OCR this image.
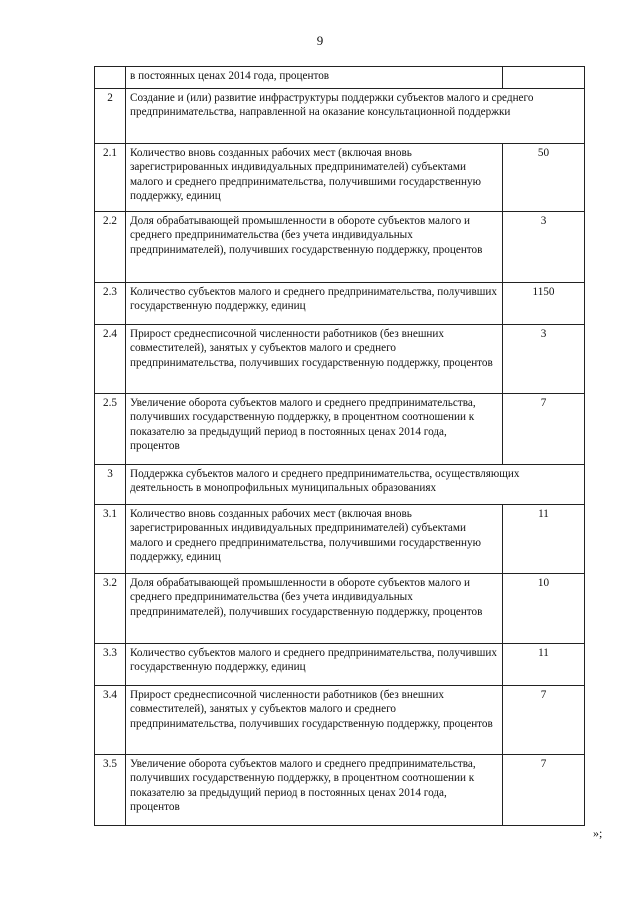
9
	в постоянных ценах 2014 года, процентов	
2	Создание и (или) развитие инфраструктуры поддержки субъектов малого и среднего предпринимательства, направленной на оказание консультационной поддержки	
2.1	Количество вновь созданных рабочих мест (включая вновь зарегистрированных индивидуальных предпринимателей) субъектами малого и среднего предпринимательства, получившими государственную поддержку, единиц	50
2.2	Доля обрабатывающей промышленности в обороте субъектов малого и среднего предпринимательства (без учета индивидуальных предпринимателей), получивших государственную поддержку, процентов	3
2.3	Количество субъектов малого и среднего предпринимательства, получивших государственную поддержку, единиц	1150
2.4	Прирост среднесписочной численности работников (без внешних совместителей), занятых у субъектов малого и среднего предпринимательства, получивших государственную поддержку, процентов	3
2.5	Увеличение оборота субъектов малого и среднего предпринимательства, получивших государственную поддержку, в процентном соотношении к показателю за предыдущий период в постоянных ценах 2014 года, процентов	7
3	Поддержка субъектов малого и среднего предпринимательства, осуществляющих деятельность в монопрофильных муниципальных образованиях	
3.1	Количество вновь созданных рабочих мест (включая вновь зарегистрированных индивидуальных предпринимателей) субъектами малого и среднего предпринимательства, получившими государственную поддержку, единиц	11
3.2	Доля обрабатывающей промышленности в обороте субъектов малого и среднего предпринимательства (без учета индивидуальных предпринимателей), получивших государственную поддержку, процентов	10
3.3	Количество субъектов малого и среднего предпринимательства, получивших государственную поддержку, единиц	11
3.4	Прирост среднесписочной численности работников (без внешних совместителей), занятых у субъектов малого и среднего предпринимательства, получивших государственную поддержку, процентов	7
3.5	Увеличение оборота субъектов малого и среднего предпринимательства, получивших государственную поддержку, в процентном соотношении к показателю за предыдущий период в постоянных ценах 2014 года, процентов	7
»;
